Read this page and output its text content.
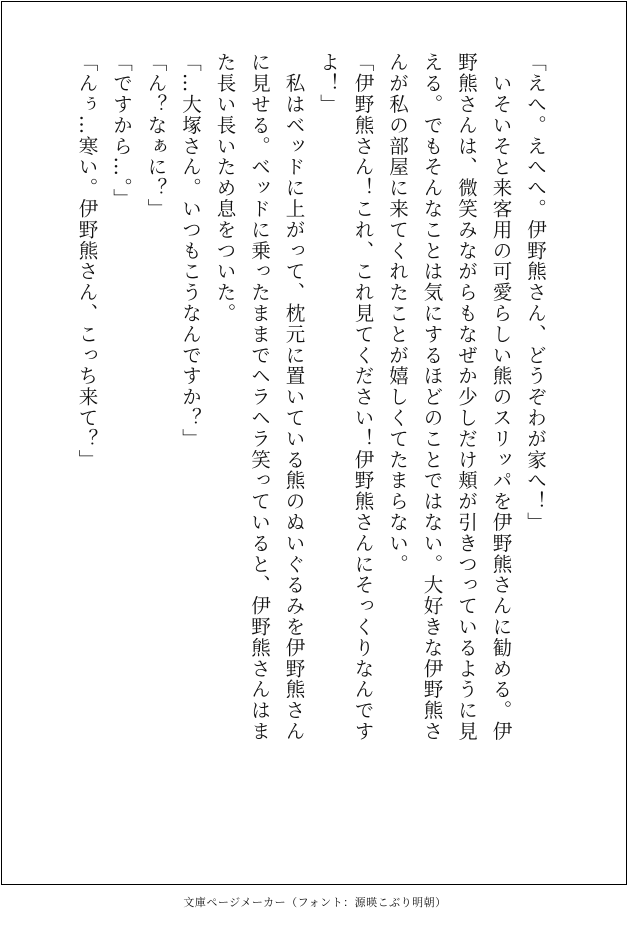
「えへ。えへへ。伊野熊さん、どうぞわが家へ！」
　いそいそと来客用の可愛らしい熊のスリッパを伊野熊さんに勧める。伊
野熊さんは、微笑みながらもなぜか少しだけ頬が引きつっているように見
える。でもそんなことは気にするほどのことではない。大好きな伊野熊さ
んが私の部屋に来てくれたことが嬉しくてたまらない。
「伊野熊さん！これ、これ見てください！伊野熊さんにそっくりなんです
よ！」
　私はベッドに上がって、枕元に置いている熊のぬいぐるみを伊野熊さん
に見せる。ベッドに乗ったままでヘラヘラ笑っていると、伊野熊さんはま
た長い長いため息をついた。
「…大塚さん。いつもこうなんですか？」
「ん？なぁに？」
「ですから…。」
「んぅ…寒い。伊野熊さん、こっち来て？」
文庫ページメーカー（フォント：源暎こぶり明朝）
